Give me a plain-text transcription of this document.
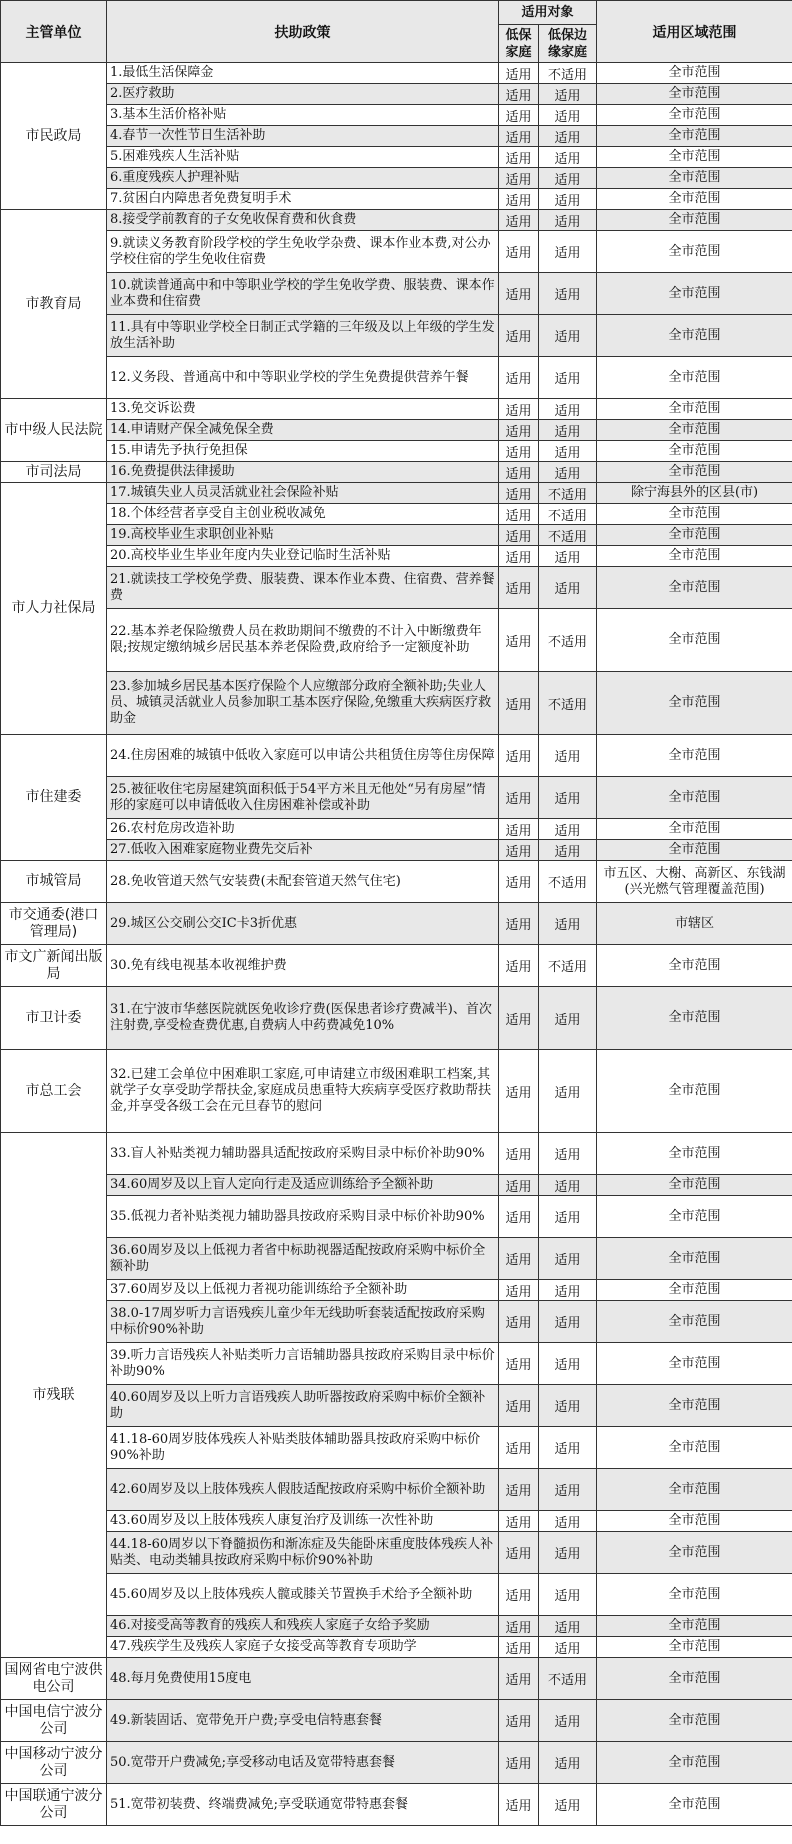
主管单位	扶助政策	适用对象		适用区域范围
		低保家庭	低保边缘家庭	
市民政局	1.最低生活保障金	适用	不适用	全市范围
	2.医疗救助	适用	适用	全市范围
	3.基本生活价格补贴	适用	适用	全市范围
	4.春节一次性节日生活补助	适用	适用	全市范围
	5.困难残疾人生活补贴	适用	适用	全市范围
	6.重度残疾人护理补贴	适用	适用	全市范围
	7.贫困白内障患者免费复明手术	适用	适用	全市范围
市教育局	8.接受学前教育的子女免收保育费和伙食费	适用	适用	全市范围
	9.就读义务教育阶段学校的学生免收学杂费、课本作业本费,对公办学校住宿的学生免收住宿费	适用	适用	全市范围
	10.就读普通高中和中等职业学校的学生免收学费、服装费、课本作业本费和住宿费	适用	适用	全市范围
	11.具有中等职业学校全日制正式学籍的三年级及以上年级的学生发放生活补助	适用	适用	全市范围
	12.义务段、普通高中和中等职业学校的学生免费提供营养午餐	适用	适用	全市范围
市中级人民法院	13.免交诉讼费	适用	适用	全市范围
	14.申请财产保全减免保全费	适用	适用	全市范围
	15.申请先予执行免担保	适用	适用	全市范围
市司法局	16.免费提供法律援助	适用	适用	全市范围
市人力社保局	17.城镇失业人员灵活就业社会保险补贴	适用	不适用	除宁海县外的区县(市)
	18.个体经营者享受自主创业税收减免	适用	不适用	全市范围
	19.高校毕业生求职创业补贴	适用	不适用	全市范围
	20.高校毕业生毕业年度内失业登记临时生活补贴	适用	适用	全市范围
	21.就读技工学校免学费、服装费、课本作业本费、住宿费、营养餐费	适用	适用	全市范围
	22.基本养老保险缴费人员在救助期间不缴费的不计入中断缴费年限;按规定缴纳城乡居民基本养老保险费,政府给予一定额度补助	适用	不适用	全市范围
	23.参加城乡居民基本医疗保险个人应缴部分政府全额补助;失业人员、城镇灵活就业人员参加职工基本医疗保险,免缴重大疾病医疗救助金	适用	不适用	全市范围
市住建委	24.住房困难的城镇中低收入家庭可以申请公共租赁住房等住房保障	适用	适用	全市范围
	25.被征收住宅房屋建筑面积低于54平方米且无他处“另有房屋”情形的家庭可以申请低收入住房困难补偿或补助	适用	适用	全市范围
	26.农村危房改造补助	适用	适用	全市范围
	27.低收入困难家庭物业费先交后补	适用	适用	全市范围
市城管局	28.免收管道天然气安装费(未配套管道天然气住宅)	适用	不适用	市五区、大榭、高新区、东钱湖(兴光燃气管理覆盖范围)
市交通委(港口管理局)	29.城区公交刷公交IC卡3折优惠	适用	适用	市辖区
市文广新闻出版局	30.免有线电视基本收视维护费	适用	不适用	全市范围
市卫计委	31.在宁波市华慈医院就医免收诊疗费(医保患者诊疗费减半)、首次注射费,享受检查费优惠,自费病人中药费减免10%	适用	适用	全市范围
市总工会	32.已建工会单位中困难职工家庭,可申请建立市级困难职工档案,其就学子女享受助学帮扶金,家庭成员患重特大疾病享受医疗救助帮扶金,并享受各级工会在元旦春节的慰问	适用	适用	全市范围
市残联	33.盲人补贴类视力辅助器具适配按政府采购目录中标价补助90%	适用	适用	全市范围
	34.60周岁及以上盲人定向行走及适应训练给予全额补助	适用	适用	全市范围
	35.低视力者补贴类视力辅助器具按政府采购目录中标价补助90%	适用	适用	全市范围
	36.60周岁及以上低视力者省中标助视器适配按政府采购中标价全额补助	适用	适用	全市范围
	37.60周岁及以上低视力者视功能训练给予全额补助	适用	适用	全市范围
	38.0-17周岁听力言语残疾儿童少年无线助听套装适配按政府采购中标价90%补助	适用	适用	全市范围
	39.听力言语残疾人补贴类听力言语辅助器具按政府采购目录中标价补助90%	适用	适用	全市范围
	40.60周岁及以上听力言语残疾人助听器按政府采购中标价全额补助	适用	适用	全市范围
	41.18-60周岁肢体残疾人补贴类肢体辅助器具按政府采购中标价90%补助	适用	适用	全市范围
	42.60周岁及以上肢体残疾人假肢适配按政府采购中标价全额补助	适用	适用	全市范围
	43.60周岁及以上肢体残疾人康复治疗及训练一次性补助	适用	适用	全市范围
	44.18-60周岁以下脊髓损伤和渐冻症及失能卧床重度肢体残疾人补贴类、电动类辅具按政府采购中标价90%补助	适用	适用	全市范围
	45.60周岁及以上肢体残疾人髋或膝关节置换手术给予全额补助	适用	适用	全市范围
	46.对接受高等教育的残疾人和残疾人家庭子女给予奖励	适用	适用	全市范围
	47.残疾学生及残疾人家庭子女接受高等教育专项助学	适用	适用	全市范围
国网省电宁波供电公司	48.每月免费使用15度电	适用	不适用	全市范围
中国电信宁波分公司	49.新装固话、宽带免开户费;享受电信特惠套餐	适用	适用	全市范围
中国移动宁波分公司	50.宽带开户费减免;享受移动电话及宽带特惠套餐	适用	适用	全市范围
中国联通宁波分公司	51.宽带初装费、终端费减免;享受联通宽带特惠套餐	适用	适用	全市范围
